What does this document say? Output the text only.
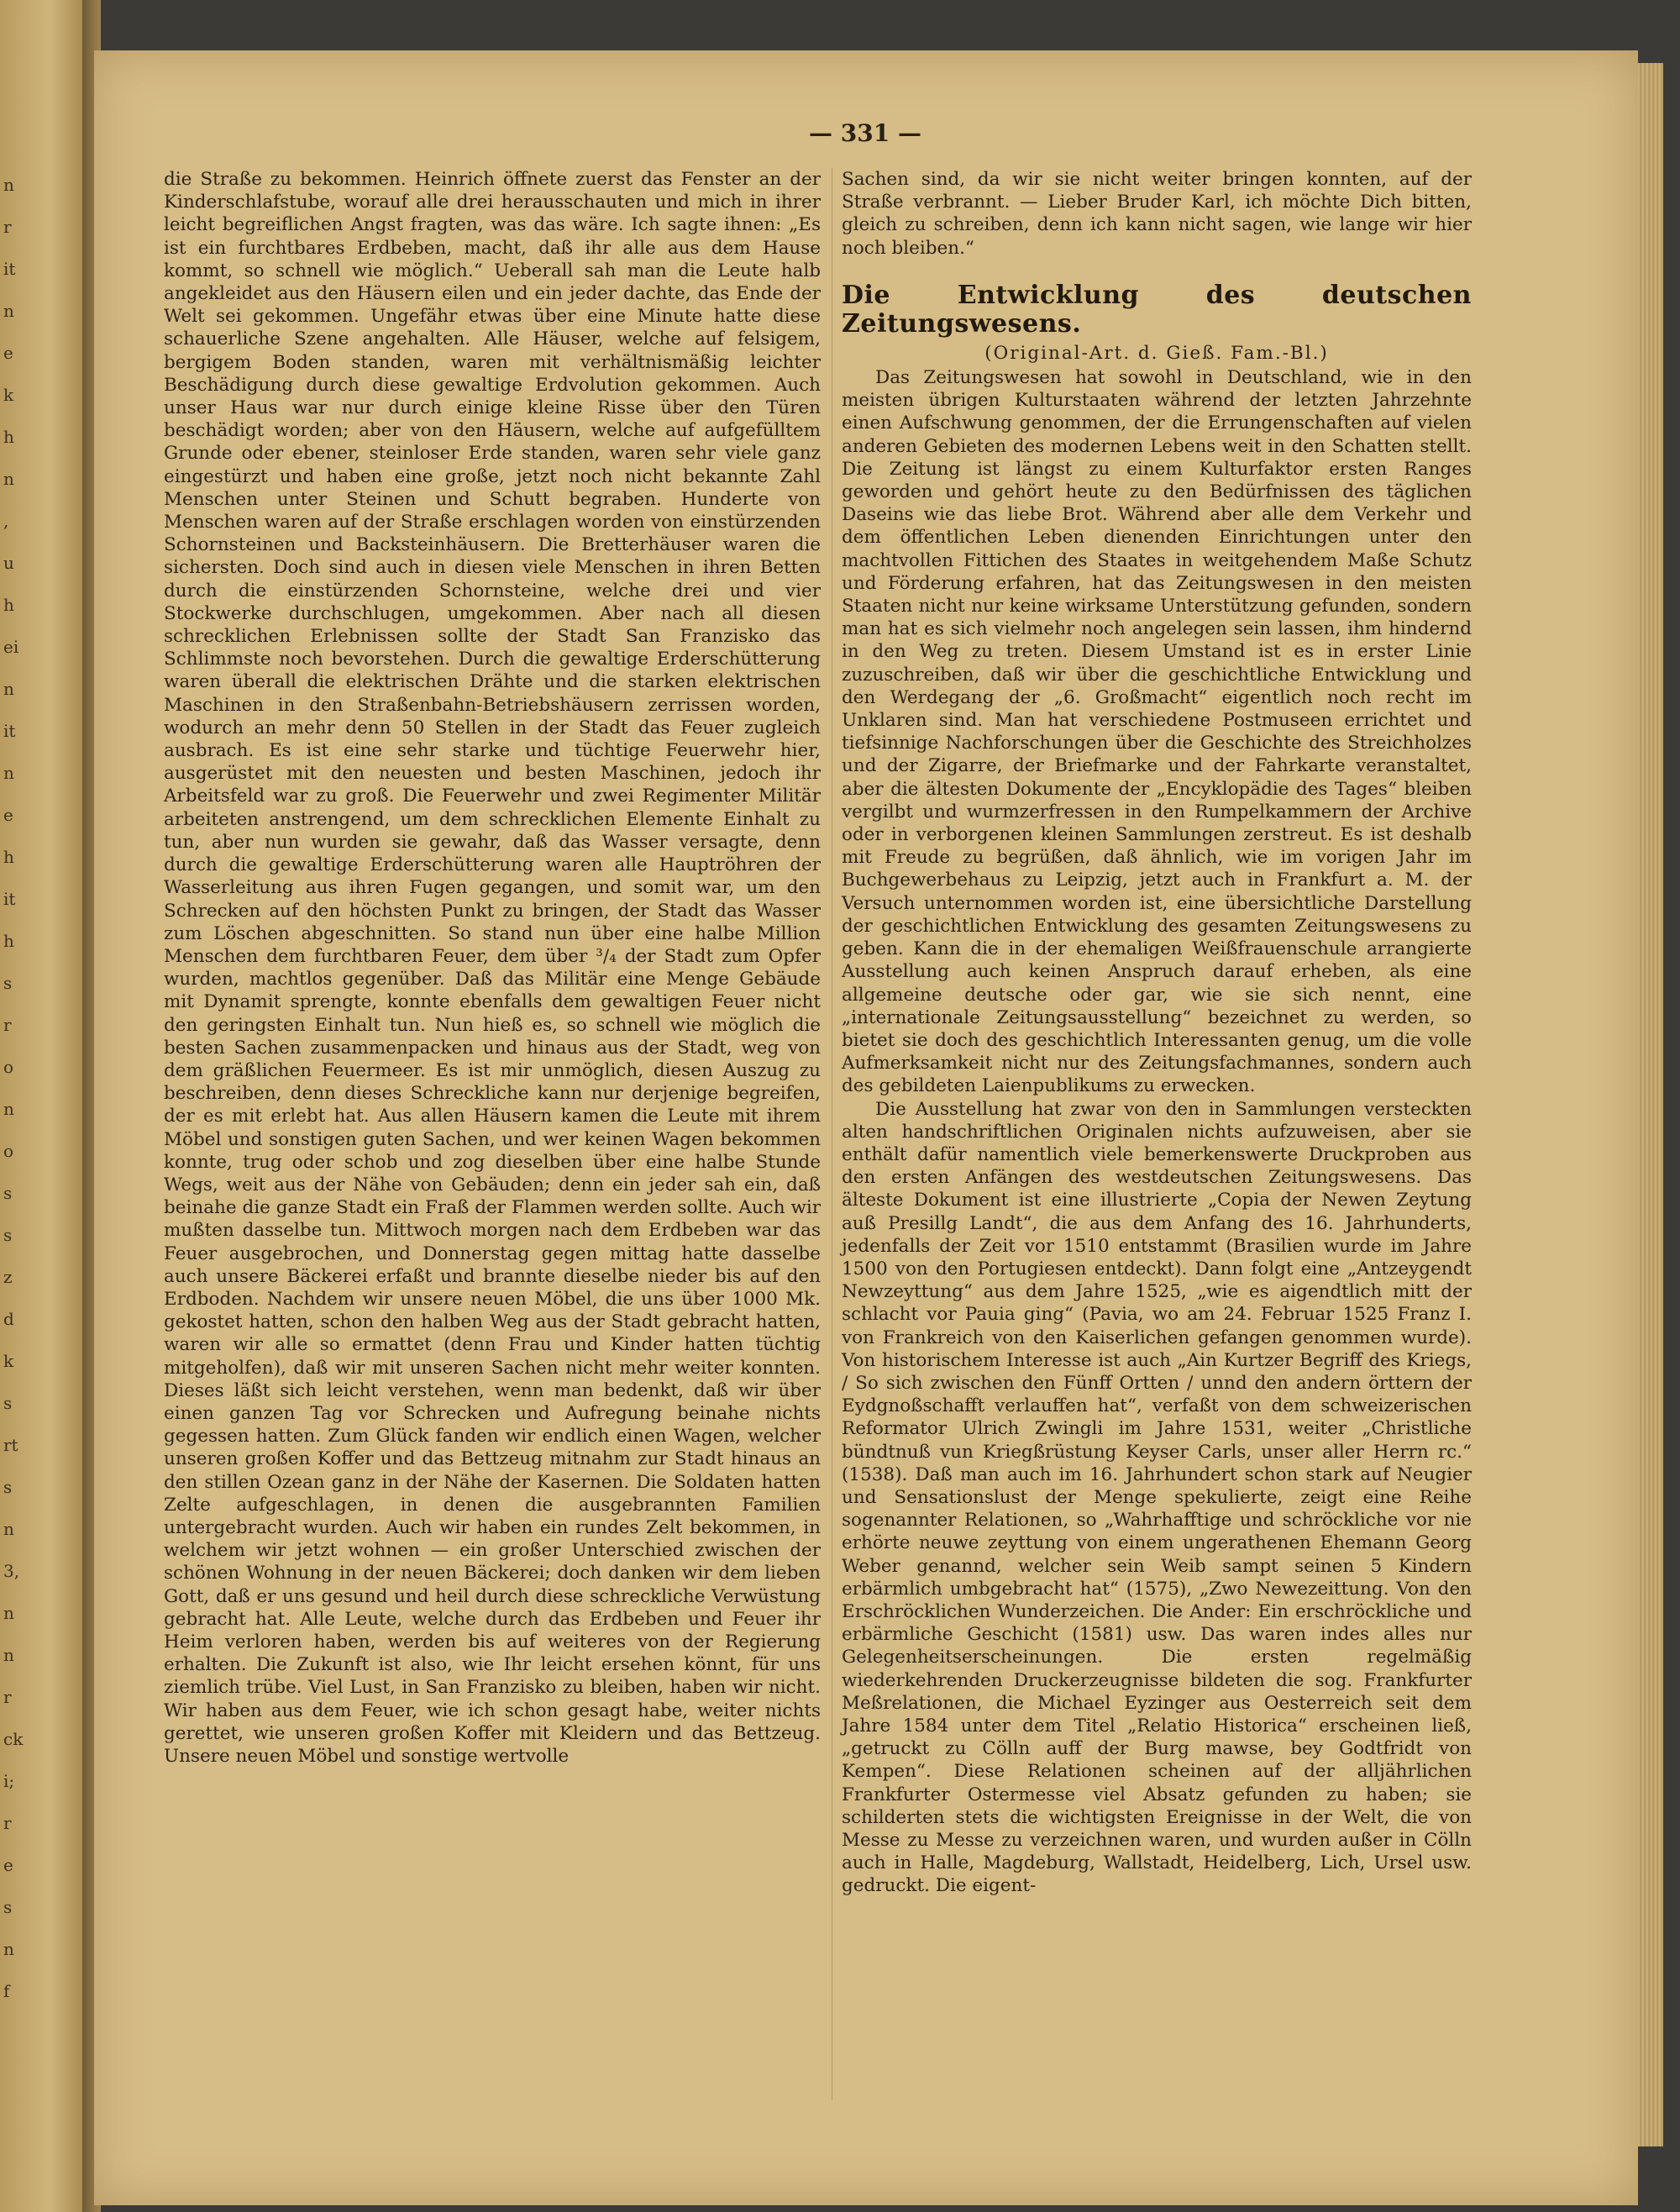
n
r
it
n
e
k
h
n
,
u
h
ei
n
it
n
e
h
it
h
s
r
o
n
o
s
s
z
d
k
s
rt
s
n
3,
n
n
r
ck
i;
r
e
s
n
f
— 331 —

die Straße zu bekommen. Heinrich öffnete zuerst das Fenster an der Kinderschlafstube, worauf alle drei herausschauten und mich in ihrer leicht begreiflichen Angst fragten, was das wäre. Ich sagte ihnen: „Es ist ein furchtbares Erdbeben, macht, daß ihr alle aus dem Hause kommt, so schnell wie möglich.“ Ueberall sah man die Leute halb angekleidet aus den Häusern eilen und ein jeder dachte, das Ende der Welt sei gekommen. Ungefähr etwas über eine Minute hatte diese schauerliche Szene angehalten. Alle Häuser, welche auf felsigem, bergigem Boden standen, waren mit verhältnismäßig leichter Beschädigung durch diese gewaltige Erdvolution gekommen. Auch unser Haus war nur durch einige kleine Risse über den Türen beschädigt worden; aber von den Häusern, welche auf aufgefülltem Grunde oder ebener, steinloser Erde standen, waren sehr viele ganz eingestürzt und haben eine große, jetzt noch nicht bekannte Zahl Menschen unter Steinen und Schutt begraben. Hunderte von Menschen waren auf der Straße erschlagen worden von einstürzenden Schornsteinen und Backsteinhäusern. Die Bretterhäuser waren die sichersten. Doch sind auch in diesen viele Menschen in ihren Betten durch die einstürzenden Schornsteine, welche drei und vier Stockwerke durchschlugen, umgekommen. Aber nach all diesen schrecklichen Erlebnissen sollte der Stadt San Franzisko das Schlimmste noch bevorstehen. Durch die gewaltige Erderschütterung waren überall die elektrischen Drähte und die starken elektrischen Maschinen in den Straßenbahn-Betriebshäusern zerrissen worden, wodurch an mehr denn 50 Stellen in der Stadt das Feuer zugleich ausbrach. Es ist eine sehr starke und tüchtige Feuerwehr hier, ausgerüstet mit den neuesten und besten Maschinen, jedoch ihr Arbeitsfeld war zu groß. Die Feuerwehr und zwei Regimenter Militär arbeiteten anstrengend, um dem schrecklichen Elemente Einhalt zu tun, aber nun wurden sie gewahr, daß das Wasser versagte, denn durch die gewaltige Erderschütterung waren alle Hauptröhren der Wasserleitung aus ihren Fugen gegangen, und somit war, um den Schrecken auf den höchsten Punkt zu bringen, der Stadt das Wasser zum Löschen abgeschnitten. So stand nun über eine halbe Million Menschen dem furchtbaren Feuer, dem über ³/₄ der Stadt zum Opfer wurden, machtlos gegenüber. Daß das Militär eine Menge Gebäude mit Dynamit sprengte, konnte ebenfalls dem gewaltigen Feuer nicht den geringsten Einhalt tun. Nun hieß es, so schnell wie möglich die besten Sachen zusammenpacken und hinaus aus der Stadt, weg von dem gräßlichen Feuermeer. Es ist mir unmöglich, diesen Auszug zu beschreiben, denn dieses Schreckliche kann nur derjenige begreifen, der es mit erlebt hat. Aus allen Häusern kamen die Leute mit ihrem Möbel und sonstigen guten Sachen, und wer keinen Wagen bekommen konnte, trug oder schob und zog dieselben über eine halbe Stunde Wegs, weit aus der Nähe von Gebäuden; denn ein jeder sah ein, daß beinahe die ganze Stadt ein Fraß der Flammen werden sollte. Auch wir mußten dasselbe tun. Mittwoch morgen nach dem Erdbeben war das Feuer ausgebrochen, und Donnerstag gegen mittag hatte dasselbe auch unsere Bäckerei erfaßt und brannte dieselbe nieder bis auf den Erdboden. Nachdem wir unsere neuen Möbel, die uns über 1000 Mk. gekostet hatten, schon den halben Weg aus der Stadt gebracht hatten, waren wir alle so ermattet (denn Frau und Kinder hatten tüchtig mitgeholfen), daß wir mit unseren Sachen nicht mehr weiter konnten. Dieses läßt sich leicht verstehen, wenn man bedenkt, daß wir über einen ganzen Tag vor Schrecken und Aufregung beinahe nichts gegessen hatten. Zum Glück fanden wir endlich einen Wagen, welcher unseren großen Koffer und das Bettzeug mitnahm zur Stadt hinaus an den stillen Ozean ganz in der Nähe der Kasernen. Die Soldaten hatten Zelte aufgeschlagen, in denen die ausgebrannten Familien untergebracht wurden. Auch wir haben ein rundes Zelt bekommen, in welchem wir jetzt wohnen — ein großer Unterschied zwischen der schönen Wohnung in der neuen Bäckerei; doch danken wir dem lieben Gott, daß er uns gesund und heil durch diese schreckliche Verwüstung gebracht hat. Alle Leute, welche durch das Erdbeben und Feuer ihr Heim verloren haben, werden bis auf weiteres von der Regierung erhalten. Die Zukunft ist also, wie Ihr leicht ersehen könnt, für uns ziemlich trübe. Viel Lust, in San Franzisko zu bleiben, haben wir nicht. Wir haben aus dem Feuer, wie ich schon gesagt habe, weiter nichts gerettet, wie unseren großen Koffer mit Kleidern und das Bettzeug. Unsere neuen Möbel und sonstige wertvolle

Sachen sind, da wir sie nicht weiter bringen konnten, auf der Straße verbrannt. — Lieber Bruder Karl, ich möchte Dich bitten, gleich zu schreiben, denn ich kann nicht sagen, wie lange wir hier noch bleiben.“

Die Entwicklung des deutschen Zeitungswesens.
(Original-Art. d. Gieß. Fam.-Bl.)

Das Zeitungswesen hat sowohl in Deutschland, wie in den meisten übrigen Kulturstaaten während der letzten Jahrzehnte einen Aufschwung genommen, der die Errungenschaften auf vielen anderen Gebieten des modernen Lebens weit in den Schatten stellt. Die Zeitung ist längst zu einem Kulturfaktor ersten Ranges geworden und gehört heute zu den Bedürfnissen des täglichen Daseins wie das liebe Brot. Während aber alle dem Verkehr und dem öffentlichen Leben dienenden Einrichtungen unter den machtvollen Fittichen des Staates in weitgehendem Maße Schutz und Förderung erfahren, hat das Zeitungswesen in den meisten Staaten nicht nur keine wirksame Unterstützung gefunden, sondern man hat es sich vielmehr noch angelegen sein lassen, ihm hindernd in den Weg zu treten. Diesem Umstand ist es in erster Linie zuzuschreiben, daß wir über die geschichtliche Entwicklung und den Werdegang der „6. Großmacht“ eigentlich noch recht im Unklaren sind. Man hat verschiedene Postmuseen errichtet und tiefsinnige Nachforschungen über die Geschichte des Streichholzes und der Zigarre, der Briefmarke und der Fahrkarte veranstaltet, aber die ältesten Dokumente der „Encyklopädie des Tages“ bleiben vergilbt und wurmzerfressen in den Rumpelkammern der Archive oder in verborgenen kleinen Sammlungen zerstreut. Es ist deshalb mit Freude zu begrüßen, daß ähnlich, wie im vorigen Jahr im Buchgewerbehaus zu Leipzig, jetzt auch in Frankfurt a. M. der Versuch unternommen worden ist, eine übersichtliche Darstellung der geschichtlichen Entwicklung des gesamten Zeitungswesens zu geben. Kann die in der ehemaligen Weißfrauenschule arrangierte Ausstellung auch keinen Anspruch darauf erheben, als eine allgemeine deutsche oder gar, wie sie sich nennt, eine „internationale Zeitungsausstellung“ bezeichnet zu werden, so bietet sie doch des geschichtlich Interessanten genug, um die volle Aufmerksamkeit nicht nur des Zeitungsfachmannes, sondern auch des gebildeten Laienpublikums zu erwecken.

Die Ausstellung hat zwar von den in Sammlungen versteckten alten handschriftlichen Originalen nichts aufzuweisen, aber sie enthält dafür namentlich viele bemerkenswerte Druckproben aus den ersten Anfängen des westdeutschen Zeitungswesens. Das älteste Dokument ist eine illustrierte „Copia der Newen Zeytung auß Presillg Landt“, die aus dem Anfang des 16. Jahrhunderts, jedenfalls der Zeit vor 1510 entstammt (Brasilien wurde im Jahre 1500 von den Portugiesen entdeckt). Dann folgt eine „Antzeygendt Newzeyttung“ aus dem Jahre 1525, „wie es aigendtlich mitt der schlacht vor Pauia ging“ (Pavia, wo am 24. Februar 1525 Franz I. von Frankreich von den Kaiserlichen gefangen genommen wurde). Von historischem Interesse ist auch „Ain Kurtzer Begriff des Kriegs, / So sich zwischen den Fünff Ortten / unnd den andern örttern der Eydgnoßschafft verlauffen hat“, verfaßt von dem schweizerischen Reformator Ulrich Zwingli im Jahre 1531, weiter „Christliche bündtnuß vun Kriegßrüstung Keyser Carls, unser aller Herrn rc.“ (1538). Daß man auch im 16. Jahrhundert schon stark auf Neugier und Sensationslust der Menge spekulierte, zeigt eine Reihe sogenannter Relationen, so „Wahrhafftige und schröckliche vor nie erhörte neuwe zeyttung von einem ungerathenen Ehemann Georg Weber genannd, welcher sein Weib sampt seinen 5 Kindern erbärmlich umbgebracht hat“ (1575), „Zwo Newezeittung. Von den Erschröcklichen Wunderzeichen. Die Ander: Ein erschröckliche und erbärmliche Geschicht (1581) usw. Das waren indes alles nur Gelegenheitserscheinungen. Die ersten regelmäßig wiederkehrenden Druckerzeugnisse bildeten die sog. Frankfurter Meßrelationen, die Michael Eyzinger aus Oesterreich seit dem Jahre 1584 unter dem Titel „Relatio Historica“ erscheinen ließ, „getruckt zu Cölln auff der Burg mawse, bey Godtfridt von Kempen“. Diese Relationen scheinen auf der alljährlichen Frankfurter Ostermesse viel Absatz gefunden zu haben; sie schilderten stets die wichtigsten Ereignisse in der Welt, die von Messe zu Messe zu verzeichnen waren, und wurden außer in Cölln auch in Halle, Magdeburg, Wallstadt, Heidelberg, Lich, Ursel usw. gedruckt. Die eigent-
